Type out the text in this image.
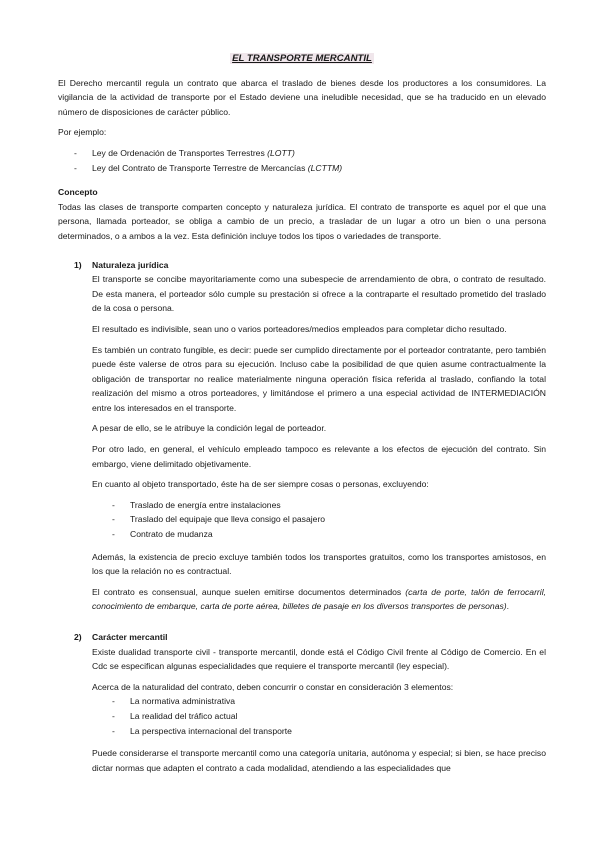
EL TRANSPORTE MERCANTIL

El Derecho mercantil regula un contrato que abarca el traslado de bienes desde los productores a los consumidores. La vigilancia de la actividad de transporte por el Estado deviene una ineludible necesidad, que se ha traducido en un elevado número de disposiciones de carácter público.

Por ejemplo:

- Ley de Ordenación de Transportes Terrestres (LOTT)
- Ley del Contrato de Transporte Terrestre de Mercancías (LCTTM)

Concepto

Todas las clases de transporte comparten concepto y naturaleza jurídica. El contrato de transporte es aquel por el que una persona, llamada porteador, se obliga a cambio de un precio, a trasladar de un lugar a otro un bien o una persona determinados, o a ambos a la vez. Esta definición incluye todos los tipos o variedades de transporte.

1) Naturaleza jurídica

El transporte se concibe mayoritariamente como una subespecie de arrendamiento de obra, o contrato de resultado. De esta manera, el porteador sólo cumple su prestación si ofrece a la contraparte el resultado prometido del traslado de la cosa o persona.

El resultado es indivisible, sean uno o varios porteadores/medios empleados para completar dicho resultado.

Es también un contrato fungible, es decir: puede ser cumplido directamente por el porteador contratante, pero también puede éste valerse de otros para su ejecución. Incluso cabe la posibilidad de que quien asume contractualmente la obligación de transportar no realice materialmente ninguna operación física referida al traslado, confiando la total realización del mismo a otros porteadores, y limitándose el primero a una especial actividad de INTERMEDIACIÓN entre los interesados en el transporte.

A pesar de ello, se le atribuye la condición legal de porteador.

Por otro lado, en general, el vehículo empleado tampoco es relevante a los efectos de ejecución del contrato. Sin embargo, viene delimitado objetivamente.

En cuanto al objeto transportado, éste ha de ser siempre cosas o personas, excluyendo:

- Traslado de energía entre instalaciones
- Traslado del equipaje que lleva consigo el pasajero
- Contrato de mudanza

Además, la existencia de precio excluye también todos los transportes gratuitos, como los transportes amistosos, en los que la relación no es contractual.

El contrato es consensual, aunque suelen emitirse documentos determinados (carta de porte, talón de ferrocarril, conocimiento de embarque, carta de porte aérea, billetes de pasaje en los diversos transportes de personas).

2) Carácter mercantil

Existe dualidad transporte civil - transporte mercantil, donde está el Código Civil frente al Código de Comercio. En el Cdc se especifican algunas especialidades que requiere el transporte mercantil (ley especial).

Acerca de la naturalidad del contrato, deben concurrir o constar en consideración 3 elementos:

- La normativa administrativa
- La realidad del tráfico actual
- La perspectiva internacional del transporte

Puede considerarse el transporte mercantil como una categoría unitaria, autónoma y especial; si bien, se hace preciso dictar normas que adapten el contrato a cada modalidad, atendiendo a las especialidades que
